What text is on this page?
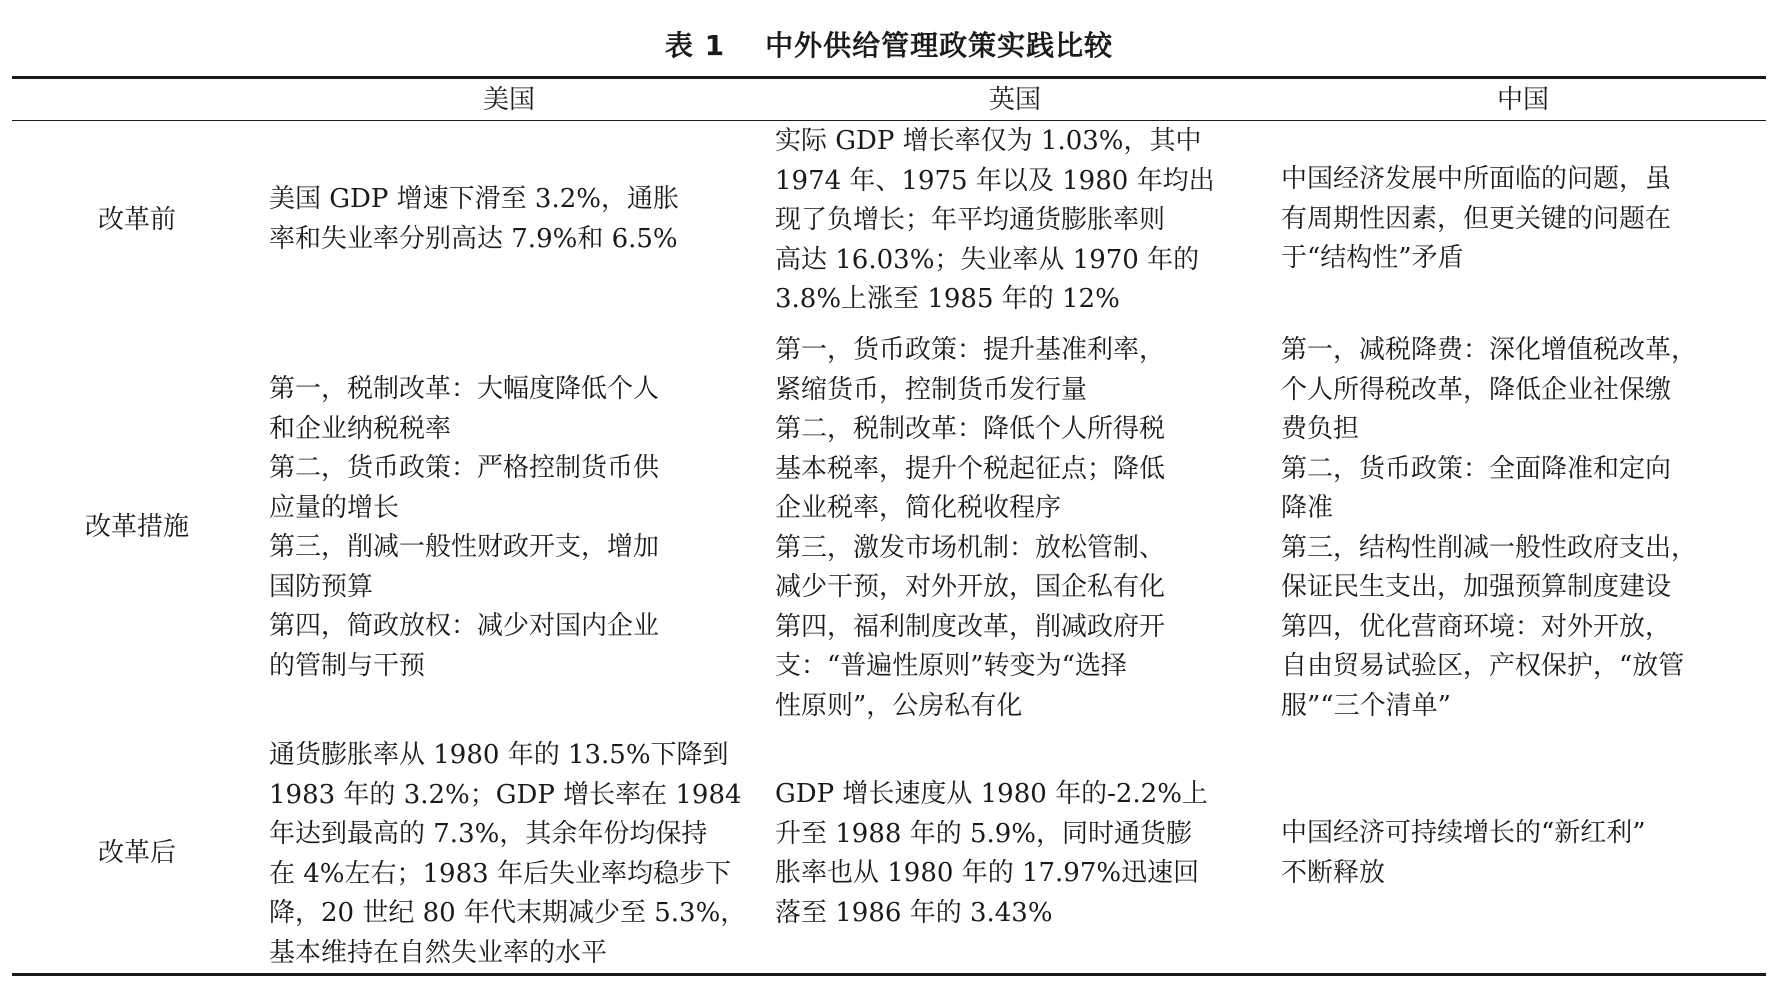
表 1 中外供给管理政策实践比较
美国	英国	中国
改革前
美国 GDP 增速下滑至 3.2%，通胀
率和失业率分别高达 7.9%和 6.5%
实际 GDP 增长率仅为 1.03%，其中
1974 年、1975 年以及 1980 年均出
现了负增长；年平均通货膨胀率则
高达 16.03%；失业率从 1970 年的
3.8%上涨至 1985 年的 12%
中国经济发展中所面临的问题，虽
有周期性因素，但更关键的问题在
于“结构性”矛盾
改革措施
第一，税制改革：大幅度降低个人
和企业纳税税率
第二，货币政策：严格控制货币供
应量的增长
第三，削减一般性财政开支，增加
国防预算
第四，简政放权：减少对国内企业
的管制与干预
第一，货币政策：提升基准利率，
紧缩货币，控制货币发行量
第二，税制改革：降低个人所得税
基本税率，提升个税起征点；降低
企业税率，简化税收程序
第三，激发市场机制：放松管制、
减少干预，对外开放，国企私有化
第四，福利制度改革，削减政府开
支：“普遍性原则”转变为“选择
性原则”，公房私有化
第一，减税降费：深化增值税改革，
个人所得税改革，降低企业社保缴
费负担
第二，货币政策：全面降准和定向
降准
第三，结构性削减一般性政府支出，
保证民生支出，加强预算制度建设
第四，优化营商环境：对外开放，
自由贸易试验区，产权保护，“放管
服”“三个清单”
改革后
通货膨胀率从 1980 年的 13.5%下降到
1983 年的 3.2%；GDP 增长率在 1984
年达到最高的 7.3%，其余年份均保持
在 4%左右；1983 年后失业率均稳步下
降，20 世纪 80 年代末期减少至 5.3%，
基本维持在自然失业率的水平
GDP 增长速度从 1980 年的-2.2%上
升至 1988 年的 5.9%，同时通货膨
胀率也从 1980 年的 17.97%迅速回
落至 1986 年的 3.43%
中国经济可持续增长的“新红利”
不断释放
